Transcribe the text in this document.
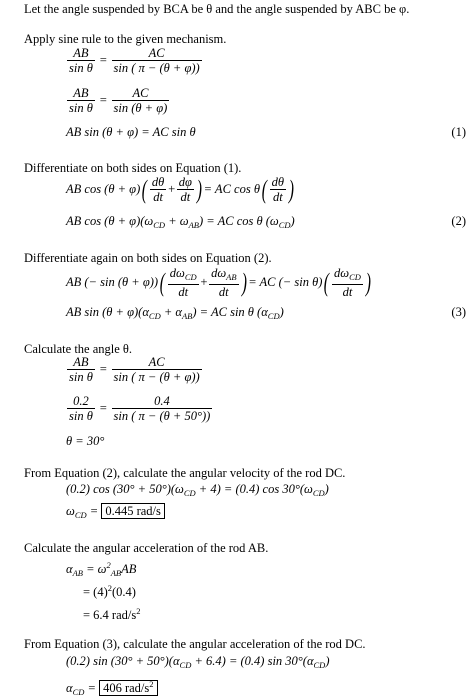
Let the angle suspended by BCA be θ and the angle suspended by ABC be φ.
Apply sine rule to the given mechanism.
$\frac{AB}{\text{sin θ}} = \frac{AC}{\sin ( \pi - (\theta + \varphi))}$
$\frac{AB}{\text{sin θ}} = \frac{AC}{\sin (\theta + \varphi)}$
AB sin (θ + φ) = AC sin θ	(1)
Differentiate on both sides on Equation (1).
AB $\cos (\theta + \varphi)( \frac{d\theta}{dt} + \frac{d\varphi}{dt}$ ) = AC $\cos \theta( \frac{d\theta}{dt}$ )
AB $\cos (\theta + \varphi)(\omega_{CD} + \omega_{AB})$ = AC cos θ $(\omega_{CD})$	(2)
Differentiate again on both sides on Equation (2).
AB (− $\sin (\theta + \varphi))( \frac{d\omega_{CD}}{dt} + \frac{d\omega_{AB}}{dt}$ ) = AC (− $\sin \theta)( \frac{d\omega_{CD}}{dt}$ )
AB $\sin (\theta + \varphi)(\alpha_{CD} + \alpha_{AB})$ = AC sin θ $(\alpha_{CD})$	(3)
Calculate the angle θ.
$\frac{AB}{\text{sin θ}} = \frac{AC}{\sin ( \pi - (\theta + \varphi))}$
$\frac{0.2}{\text{sin θ}} = \frac{0.4}{\sin ( \pi - (\theta + 50^\circ))}$
θ = 30°
From Equation (2), calculate the angular velocity of the rod DC.
(0.2) $\cos (30^\circ + 50^\circ)(\omega_{CD} + 4) = (0.4)$ $\cos 30^\circ(\omega_{CD})$
$\omega_{CD} = 0.445$ rad/s
Calculate the angular acceleration of the rod AB.
$\alpha_{AB} = \omega^2_{AB}AB$
= $(4)^2(0.4)$
= 6.4 rad/$s^2$
From Equation (3), calculate the angular acceleration of the rod DC.
(0.2) $\sin (30^\circ + 50^\circ)(\alpha_{CD} + 6.4) = (0.4)$ $\sin 30^\circ(\alpha_{CD})$
$\alpha_{CD} = 406$ rad/$s^2$
